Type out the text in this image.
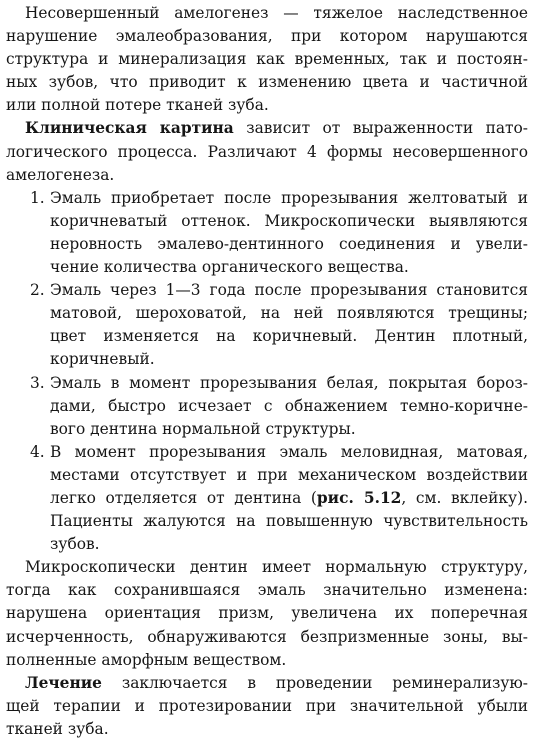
Несовершенный амелогенез — тяжелое наследственное
нарушение эмалеобразования, при котором нарушаются
структура и минерализация как временных, так и постоян-
ных зубов, что приводит к изменению цвета и частичной
или полной потере тканей зуба.
Клиническая картина зависит от выраженности пато-
логического процесса. Различают 4 формы несовершенного
амелогенеза.
1. Эмаль приобретает после прорезывания желтоватый и
коричневатый оттенок. Микроскопически выявляются
неровность эмалево-дентинного соединения и увели-
чение количества органического вещества.
2. Эмаль через 1—3 года после прорезывания становится
матовой, шероховатой, на ней появляются трещины;
цвет изменяется на коричневый. Дентин плотный,
коричневый.
3. Эмаль в момент прорезывания белая, покрытая бороз-
дами, быстро исчезает с обнажением темно-коричне-
вого дентина нормальной структуры.
4. В момент прорезывания эмаль меловидная, матовая,
местами отсутствует и при механическом воздействии
легко отделяется от дентина (рис. 5.12, см. вклейку).
Пациенты жалуются на повышенную чувствительность
зубов.
Микроскопически дентин имеет нормальную структуру,
тогда как сохранившаяся эмаль значительно изменена:
нарушена ориентация призм, увеличена их поперечная
исчерченность, обнаруживаются безпризменные зоны, вы-
полненные аморфным веществом.
Лечение заключается в проведении реминерализую-
щей терапии и протезировании при значительной убыли
тканей зуба.
